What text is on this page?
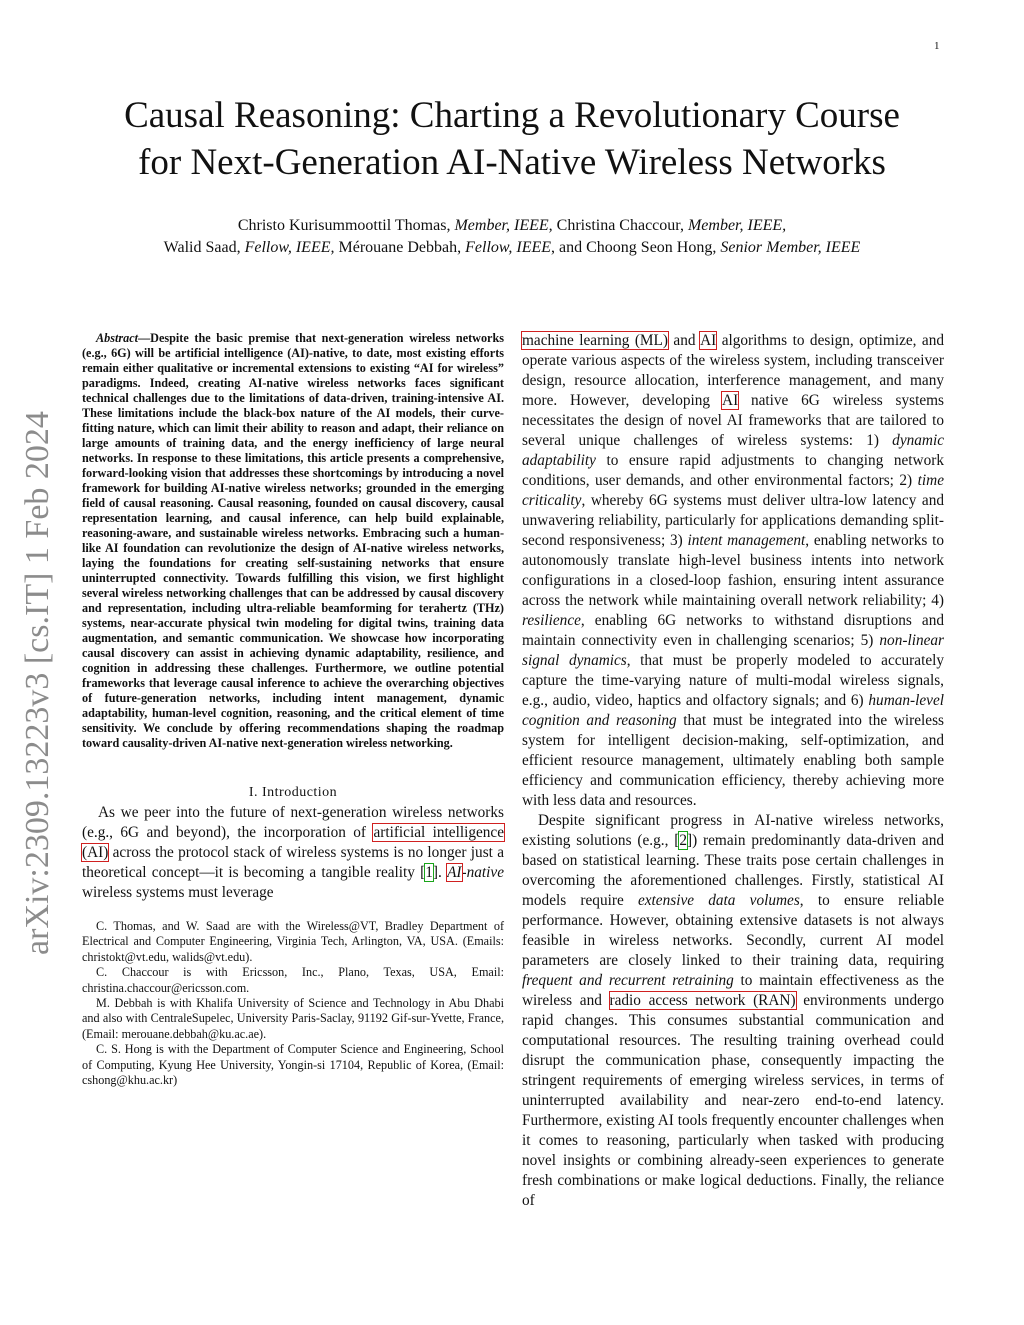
1
arXiv:2309.13223v3 [cs.IT] 1 Feb 2024
Causal Reasoning: Charting a Revolutionary Course
for Next-Generation AI-Native Wireless Networks
Christo Kurisummoottil Thomas, Member, IEEE, Christina Chaccour, Member, IEEE,
Walid Saad, Fellow, IEEE, Mérouane Debbah, Fellow, IEEE, and Choong Seon Hong, Senior Member, IEEE

Abstract—Despite the basic premise that next-generation wireless networks (e.g., 6G) will be artificial intelligence (AI)-native, to date, most existing efforts remain either qualitative or incremental extensions to existing “AI for wireless” paradigms. Indeed, creating AI-native wireless networks faces significant technical challenges due to the limitations of data-driven, training-intensive AI. These limitations include the black-box nature of the AI models, their curve-fitting nature, which can limit their ability to reason and adapt, their reliance on large amounts of training data, and the energy inefficiency of large neural networks. In response to these limitations, this article presents a comprehensive, forward-looking vision that addresses these shortcomings by introducing a novel framework for building AI-native wireless networks; grounded in the emerging field of causal reasoning. Causal reasoning, founded on causal discovery, causal representation learning, and causal inference, can help build explainable, reasoning-aware, and sustainable wireless networks. Embracing such a human-like AI foundation can revolutionize the design of AI-native wireless networks, laying the foundations for creating self-sustaining networks that ensure uninterrupted connectivity. Towards fulfilling this vision, we first highlight several wireless networking challenges that can be addressed by causal discovery and representation, including ultra-reliable beamforming for terahertz (THz) systems, near-accurate physical twin modeling for digital twins, training data augmentation, and semantic communication. We showcase how incorporating causal discovery can assist in achieving dynamic adaptability, resilience, and cognition in addressing these challenges. Furthermore, we outline potential frameworks that leverage causal inference to achieve the overarching objectives of future-generation networks, including intent management, dynamic adaptability, human-level cognition, reasoning, and the critical element of time sensitivity. We conclude by offering recommendations shaping the roadmap toward causality-driven AI-native next-generation wireless networking.

I. Introduction

As we peer into the future of next-generation wireless networks (e.g., 6G and beyond), the incorporation of artificial intelligence (AI) across the protocol stack of wireless systems is no longer just a theoretical concept—it is becoming a tangible reality [1]. AI-native wireless systems must leverage

C. Thomas, and W. Saad are with the Wireless@VT, Bradley Department of Electrical and Computer Engineering, Virginia Tech, Arlington, VA, USA. (Emails: christokt@vt.edu, walids@vt.edu).

C. Chaccour is with Ericsson, Inc., Plano, Texas, USA, Email: christina.chaccour@ericsson.com.

M. Debbah is with Khalifa University of Science and Technology in Abu Dhabi and also with CentraleSupelec, University Paris-Saclay, 91192 Gif-sur-Yvette, France, (Email: merouane.debbah@ku.ac.ae).

C. S. Hong is with the Department of Computer Science and Engineering, School of Computing, Kyung Hee University, Yongin-si 17104, Republic of Korea, (Email: cshong@khu.ac.kr)

machine learning (ML) and AI algorithms to design, optimize, and operate various aspects of the wireless system, including transceiver design, resource allocation, interference management, and many more. However, developing AI native 6G wireless systems necessitates the design of novel AI frameworks that are tailored to several unique challenges of wireless systems: 1) dynamic adaptability to ensure rapid adjustments to changing network conditions, user demands, and other environmental factors; 2) time criticality, whereby 6G systems must deliver ultra-low latency and unwavering reliability, particularly for applications demanding split-second responsiveness; 3) intent management, enabling networks to autonomously translate high-level business intents into network configurations in a closed-loop fashion, ensuring intent assurance across the network while maintaining overall network reliability; 4) resilience, enabling 6G networks to withstand disruptions and maintain connectivity even in challenging scenarios; 5) non-linear signal dynamics, that must be properly modeled to accurately capture the time-varying nature of multi-modal wireless signals, e.g., audio, video, haptics and olfactory signals; and 6) human-level cognition and reasoning that must be integrated into the wireless system for intelligent decision-making, self-optimization, and efficient resource management, ultimately enabling both sample efficiency and communication efficiency, thereby achieving more with less data and resources.

Despite significant progress in AI-native wireless networks, existing solutions (e.g., [2]) remain predominantly data-driven and based on statistical learning. These traits pose certain challenges in overcoming the aforementioned challenges. Firstly, statistical AI models require extensive data volumes, to ensure reliable performance. However, obtaining extensive datasets is not always feasible in wireless networks. Secondly, current AI model parameters are closely linked to their training data, requiring frequent and recurrent retraining to maintain effectiveness as the wireless and radio access network (RAN) environments undergo rapid changes. This consumes substantial communication and computational resources. The resulting training overhead could disrupt the communication phase, consequently impacting the stringent requirements of emerging wireless services, in terms of uninterrupted availability and near-zero end-to-end latency. Furthermore, existing AI tools frequently encounter challenges when it comes to reasoning, particularly when tasked with producing novel insights or combining already-seen experiences to generate fresh combinations or make logical deductions. Finally, the reliance of
